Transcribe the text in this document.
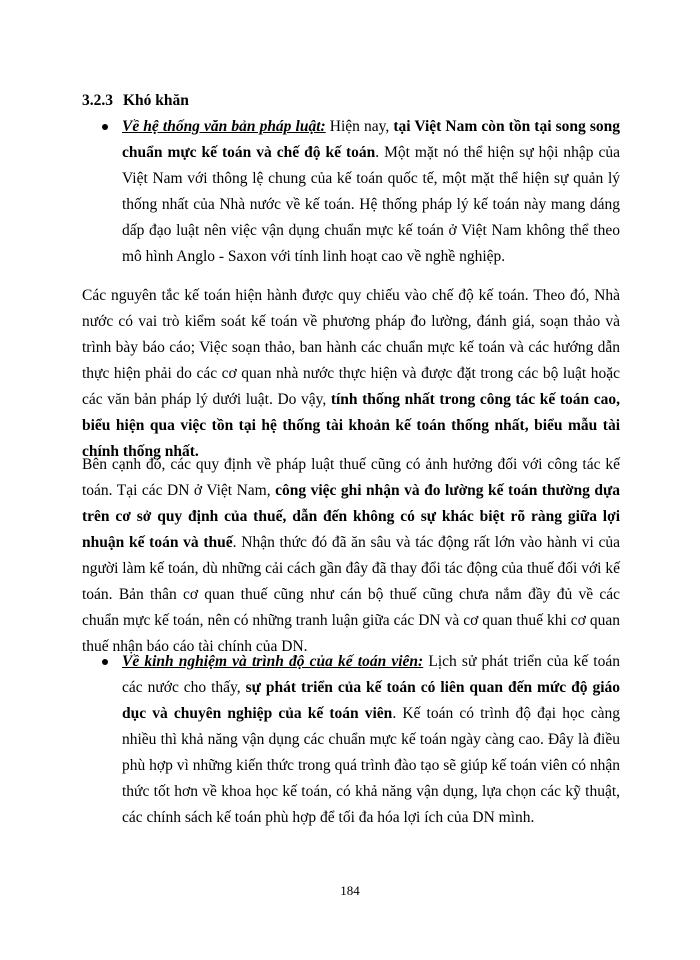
3.2.3 Khó khăn
Về hệ thống văn bản pháp luật: Hiện nay, tại Việt Nam còn tồn tại song song chuẩn mực kế toán và chế độ kế toán. Một mặt nó thể hiện sự hội nhập của Việt Nam với thông lệ chung của kế toán quốc tế, một mặt thể hiện sự quản lý thống nhất của Nhà nước về kế toán. Hệ thống pháp lý kế toán này mang dáng dấp đạo luật nên việc vận dụng chuẩn mực kế toán ở Việt Nam không thể theo mô hình Anglo - Saxon với tính linh hoạt cao về nghề nghiệp.
Các nguyên tắc kế toán hiện hành được quy chiếu vào chế độ kế toán. Theo đó, Nhà nước có vai trò kiểm soát kế toán về phương pháp đo lường, đánh giá, soạn thảo và trình bày báo cáo; Việc soạn thảo, ban hành các chuẩn mực kế toán và các hướng dẫn thực hiện phải do các cơ quan nhà nước thực hiện và được đặt trong các bộ luật hoặc các văn bản pháp lý dưới luật. Do vậy, tính thống nhất trong công tác kế toán cao, biểu hiện qua việc tồn tại hệ thống tài khoản kế toán thống nhất, biểu mẫu tài chính thống nhất.
Bên cạnh đó, các quy định về pháp luật thuế cũng có ảnh hưởng đối với công tác kế toán. Tại các DN ở Việt Nam, công việc ghi nhận và đo lường kế toán thường dựa trên cơ sở quy định của thuế, dẫn đến không có sự khác biệt rõ ràng giữa lợi nhuận kế toán và thuế. Nhận thức đó đã ăn sâu và tác động rất lớn vào hành vi của người làm kế toán, dù những cải cách gần đây đã thay đổi tác động của thuế đối với kế toán. Bản thân cơ quan thuế cũng như cán bộ thuế cũng chưa nắm đầy đủ về các chuẩn mực kế toán, nên có những tranh luận giữa các DN và cơ quan thuế khi cơ quan thuế nhận báo cáo tài chính của DN.
Về kinh nghiệm và trình độ của kế toán viên: Lịch sử phát triển của kế toán các nước cho thấy, sự phát triển của kế toán có liên quan đến mức độ giáo dục và chuyên nghiệp của kế toán viên. Kế toán có trình độ đại học càng nhiều thì khả năng vận dụng các chuẩn mực kế toán ngày càng cao. Đây là điều phù hợp vì những kiến thức trong quá trình đào tạo sẽ giúp kế toán viên có nhận thức tốt hơn về khoa học kế toán, có khả năng vận dụng, lựa chọn các kỹ thuật, các chính sách kế toán phù hợp để tối đa hóa lợi ích của DN mình.
184
